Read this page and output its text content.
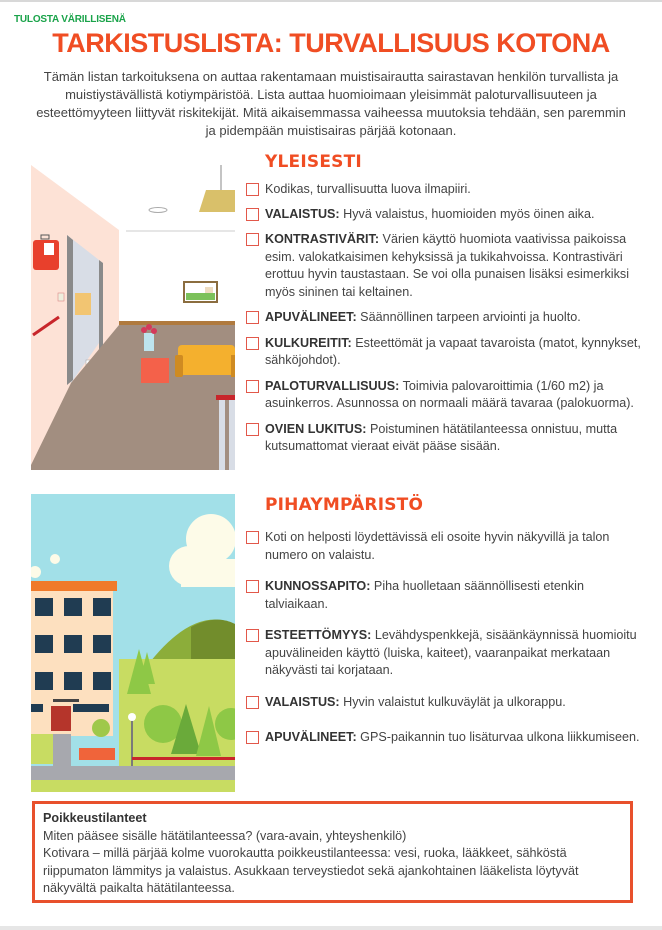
TULOSTA VÄRILLISENÄ
TARKISTUSLISTA: TURVALLISUUS KOTONA

Tämän listan tarkoituksena on auttaa rakentamaan muistisairautta sairastavan henkilön turvallista ja muistiystävällistä kotiympäristöä. Lista auttaa huomioimaan yleisimmät paloturvallisuuteen ja esteettömyyteen liittyvät riskitekijät. Mitä aikaisemmassa vaiheessa muutoksia tehdään, sen paremmin ja pidempään muistisairas pärjää kotonaan.

YLEISESTI
Kodikas, turvallisuutta luova ilmapiiri.
VALAISTUS: Hyvä valaistus, huomioiden myös öinen aika.
KONTRASTIVÄRIT: Värien käyttö huomiota vaativissa paikoissa esim. valokatkaisimen kehyksissä ja tukikahvoissa. Kontrastiväri erottuu hyvin taustastaan. Se voi olla punaisen lisäksi esimerkiksi myös sininen tai keltainen.
APUVÄLINEET: Säännöllinen tarpeen arviointi ja huolto.
KULKUREITIT: Esteettömät ja vapaat tavaroista (matot, kynnykset, sähköjohdot).
PALOTURVALLISUUS: Toimivia palovaroittimia (1/60 m2) ja asuinkerros. Asunnossa on normaali määrä tavaraa (palokuorma).
OVIEN LUKITUS: Poistuminen hätätilanteessa onnistuu, mutta kutsumattomat vieraat eivät pääse sisään.
PIHAYMPÄRISTÖ
Koti on helposti löydettävissä eli osoite hyvin näkyvillä ja talon numero on valaistu.
KUNNOSSAPITO: Piha huolletaan säännöllisesti etenkin talviaikaan.
ESTEETTÖMYYS: Levähdyspenkkejä, sisäänkäynnissä huomioitu apuvälineiden käyttö (luiska, kaiteet), vaaranpaikat merkataan näkyvästi tai korjataan.
VALAISTUS: Hyvin valaistut kulkuväylät ja ulkorappu.
APUVÄLINEET: GPS-paikannin tuo lisäturvaa ulkona liikkumiseen.
Poikkeustilanteet
Miten pääsee sisälle hätätilanteessa? (vara-avain, yhteyshenkilö)
Kotivara – millä pärjää kolme vuorokautta poikkeustilanteessa: vesi, ruoka, lääkkeet, sähköstä riippumaton lämmitys ja valaistus. Asukkaan terveystiedot sekä ajankohtainen lääkelista löytyvät näkyvältä paikalta hätätilanteessa.
